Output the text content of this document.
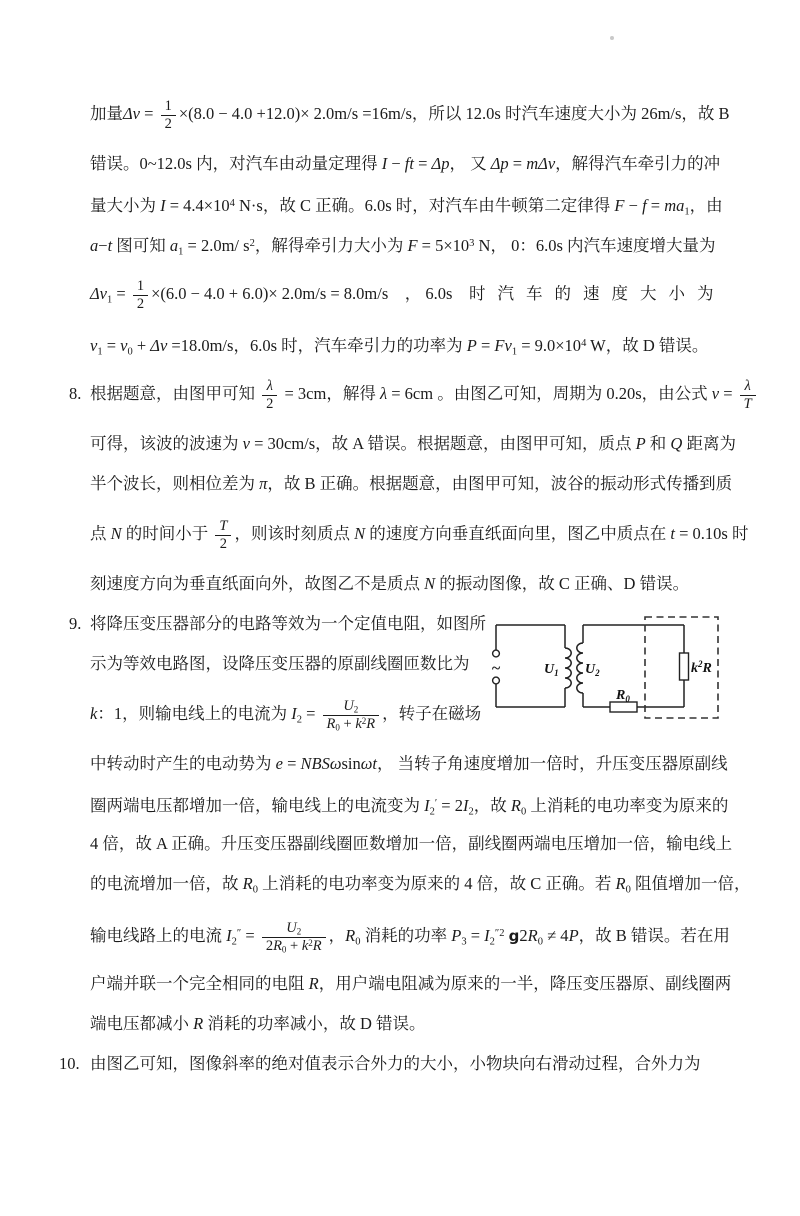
加量$\Delta v = \frac{1}{2} \times(8.0 - 4.0 +12.0)\times 2.0m/s =16m/s$，所以 12.0s 时汽车速度大小为 26m/s，故 B
错误。0~12.0s 内，对汽车由动量定理得 I − ft = Δp， 又 Δp = mΔv，解得汽车牵引力的冲
量大小为 $I = 4.4\times 10^4$ N·s，故 C 正确。6.0s 时，对汽车由牛顿第二定律得 $F - f = ma_1$，由
a−t 图可知 $a_1 = 2.0m/$ $s^2$，解得牵引力大小为 $F = 5\times 10^3$ N， 0：6.0s 内汽车速度增大量为
$\Delta v_1 = \frac{1}{2} \times(6.0 - 4.0 + 6.0)\times 2.0m/s = 8.0m/s$　， 6.0s　 时汽车的速度大小为
$v_1 = v_0 + \Delta v =18.0m/s$，6.0s 时，汽车牵引力的功率为 $P = Fv_1 = 9.0\times 10^4$ W，故 D 错误。
8. 根据题意，由图甲可知 $\frac{\lambda}{2} = 3cm$，解得 λ = 6cm 。由图乙可知，周期为 0.20s，由公式 $v = \frac{\lambda}{T}$
可得，该波的波速为 v = 30cm/s，故 A 错误。根据题意，由图甲可知，质点 P 和 Q 距离为
半个波长，则相位差为 π，故 B 正确。根据题意，由图甲可知，波谷的振动形式传播到质
点 N 的时间小于 $\frac{T}{2}$ ，则该时刻质点 N 的速度方向垂直纸面向里，图乙中质点在 t = 0.10s 时
刻速度方向为垂直纸面向外，故图乙不是质点 N 的振动图像，故 C 正确、D 错误。
9. 将降压变压器部分的电路等效为一个定值电阻，如图所
示为等效电路图，设降压变压器的原副线圈匝数比为
k：1，则输电线上的电流为 $I_2 = \frac{U2}{R0 + k^2R}$ ，转子在磁场
中转动时产生的电动势为 e = NBSωsinωt， 当转子角速度增加一倍时，升压变压器原副线
圈两端电压都增加一倍，输电线上的电流变为 $I_2' = 2I_2$，故 $R_0$ 上消耗的电功率变为原来的
4 倍，故 A 正确。升压变压器副线圈匝数增加一倍，副线圈两端电压增加一倍，输电线上
的电流增加一倍，故 $R_0$ 上消耗的电功率变为原来的 4 倍，故 C 正确。若 $R_0$ 阻值增加一倍，
输电线路上的电流 $I_2'' = \frac{U2}{2R0 + k^2R}$ ，$R_0$ 消耗的功率 $P_3 = I_2^{''2}$ $g2R_0 \ne 4P$，故 B 错误。若在用
户端并联一个完全相同的电阻 R，用户端电阻减为原来的一半，降压变压器原、副线圈两
端电压都减小 R 消耗的功率减小，故 D 错误。
10. 由图乙可知，图像斜率的绝对值表示合外力的大小，小物块向右滑动过程，合外力为
~	$U_1$ $U_2$
$R_0$
$k^2R$
